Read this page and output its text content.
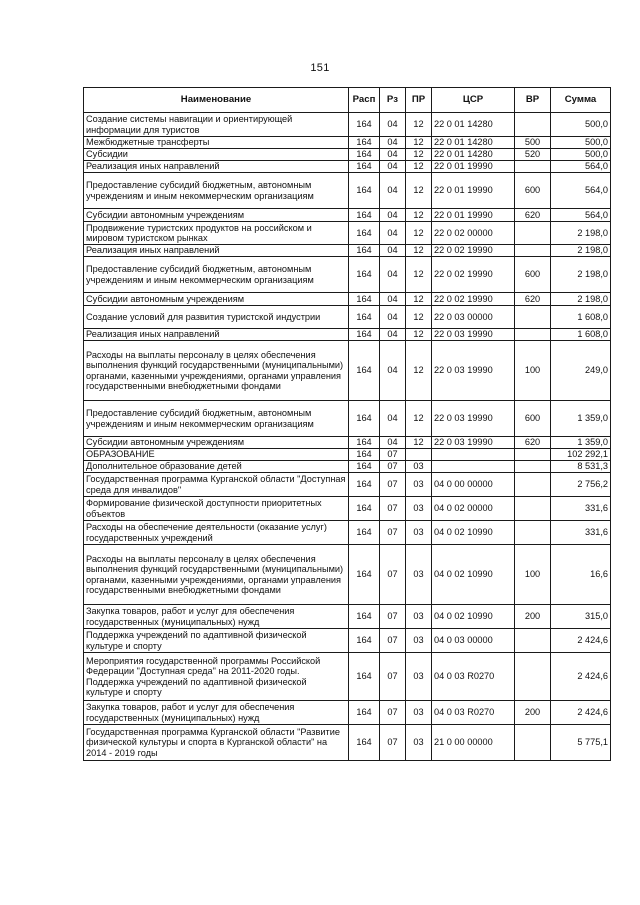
151
Наименование	Расп	Рз	ПР	ЦСР	ВР	Сумма
Создание системы навигации и ориентирующей информации для туристов	164	04	12	22 0 01 14280		500,0
Межбюджетные трансферты	164	04	12	22 0 01 14280	500	500,0
Субсидии	164	04	12	22 0 01 14280	520	500,0
Реализация иных направлений	164	04	12	22 0 01 19990		564,0
Предоставление субсидий бюджетным, автономным учреждениям и иным некоммерческим организациям	164	04	12	22 0 01 19990	600	564,0
Субсидии автономным учреждениям	164	04	12	22 0 01 19990	620	564,0
Продвижение туристских продуктов на российском и мировом туристском рынках	164	04	12	22 0 02 00000		2 198,0
Реализация иных направлений	164	04	12	22 0 02 19990		2 198,0
Предоставление субсидий бюджетным, автономным учреждениям и иным некоммерческим организациям	164	04	12	22 0 02 19990	600	2 198,0
Субсидии автономным учреждениям	164	04	12	22 0 02 19990	620	2 198,0
Создание условий для развития туристской индустрии	164	04	12	22 0 03 00000		1 608,0
Реализация иных направлений	164	04	12	22 0 03 19990		1 608,0
Расходы на выплаты персоналу в целях обеспечения выполнения функций государственными (муниципальными) органами, казенными учреждениями, органами управления государственными внебюджетными фондами	164	04	12	22 0 03 19990	100	249,0
Предоставление субсидий бюджетным, автономным учреждениям и иным некоммерческим организациям	164	04	12	22 0 03 19990	600	1 359,0
Субсидии автономным учреждениям	164	04	12	22 0 03 19990	620	1 359,0
ОБРАЗОВАНИЕ	164	07				102 292,1
Дополнительное образование детей	164	07	03			8 531,3
Государственная программа Курганской области "Доступная среда для инвалидов"	164	07	03	04 0 00 00000		2 756,2
Формирование физической доступности приоритетных объектов	164	07	03	04 0 02 00000		331,6
Расходы на обеспечение деятельности (оказание услуг) государственных учреждений	164	07	03	04 0 02 10990		331,6
Расходы на выплаты персоналу в целях обеспечения выполнения функций государственными (муниципальными) органами, казенными учреждениями, органами управления государственными внебюджетными фондами	164	07	03	04 0 02 10990	100	16,6
Закупка товаров, работ и услуг для обеспечения государственных (муниципальных) нужд	164	07	03	04 0 02 10990	200	315,0
Поддержка учреждений по адаптивной физической культуре и спорту	164	07	03	04 0 03 00000		2 424,6
Мероприятия государственной программы Российской Федерации "Доступная среда" на 2011-2020 годы. Поддержка учреждений по адаптивной физической культуре и спорту	164	07	03	04 0 03 R0270		2 424,6
Закупка товаров, работ и услуг для обеспечения государственных (муниципальных) нужд	164	07	03	04 0 03 R0270	200	2 424,6
Государственная программа Курганской области "Развитие физической культуры и спорта в Курганской области" на 2014 - 2019 годы	164	07	03	21 0 00 00000		5 775,1
